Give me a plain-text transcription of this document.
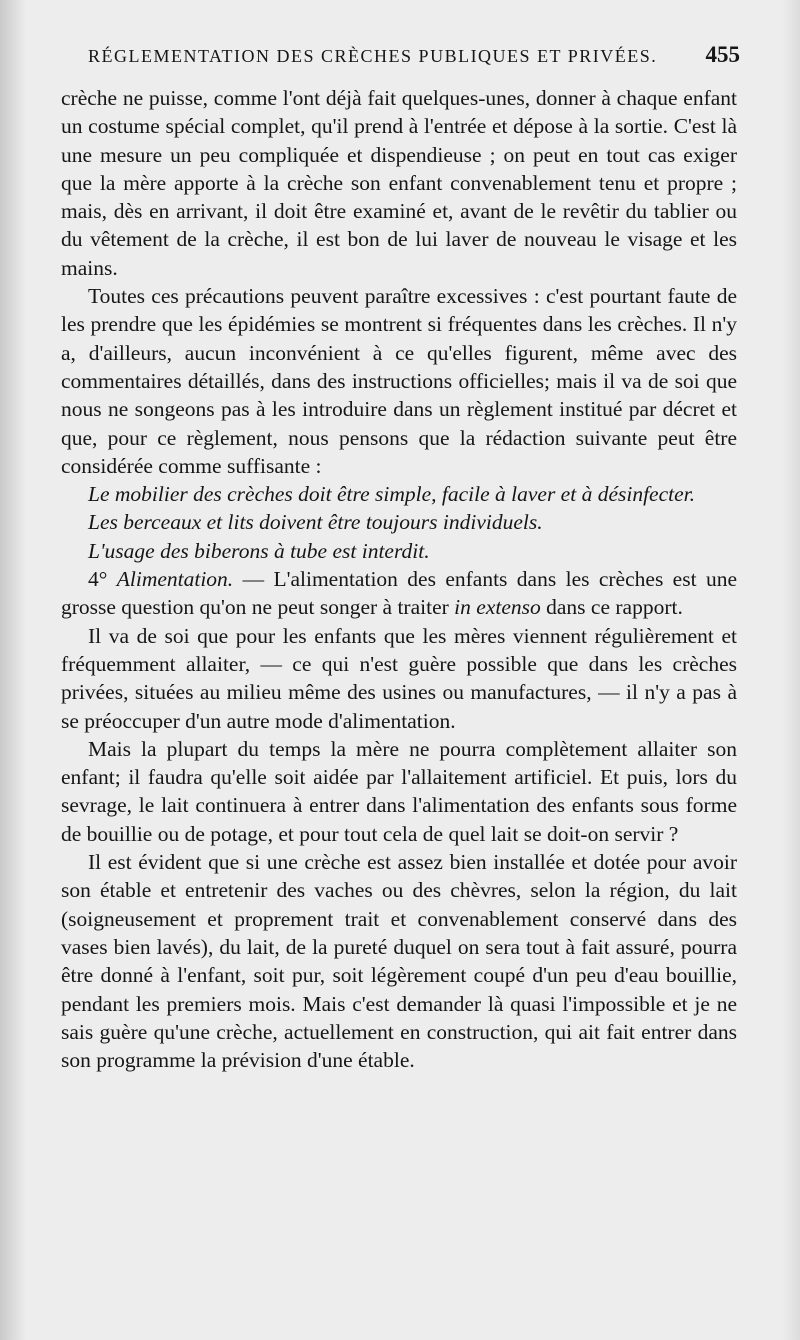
RÉGLEMENTATION DES CRÈCHES PUBLIQUES ET PRIVÉES. 455

crèche ne puisse, comme l'ont déjà fait quelques-unes, donner à chaque enfant un costume spécial complet, qu'il prend à l'entrée et dépose à la sortie. C'est là une mesure un peu compliquée et dispendieuse ; on peut en tout cas exiger que la mère apporte à la crèche son enfant convenablement tenu et propre ; mais, dès en arrivant, il doit être examiné et, avant de le revêtir du tablier ou du vêtement de la crèche, il est bon de lui laver de nouveau le visage et les mains.

Toutes ces précautions peuvent paraître excessives : c'est pourtant faute de les prendre que les épidémies se montrent si fréquentes dans les crèches. Il n'y a, d'ailleurs, aucun inconvénient à ce qu'elles figurent, même avec des commentaires détaillés, dans des instructions officielles; mais il va de soi que nous ne songeons pas à les introduire dans un règlement institué par décret et que, pour ce règlement, nous pensons que la rédaction suivante peut être considérée comme suffisante :

Le mobilier des crèches doit être simple, facile à laver et à désinfecter.

Les berceaux et lits doivent être toujours individuels.

L'usage des biberons à tube est interdit.

4° Alimentation. — L'alimentation des enfants dans les crèches est une grosse question qu'on ne peut songer à traiter in extenso dans ce rapport.

Il va de soi que pour les enfants que les mères viennent régulièrement et fréquemment allaiter, — ce qui n'est guère possible que dans les crèches privées, situées au milieu même des usines ou manufactures, — il n'y a pas à se préoccuper d'un autre mode d'alimentation.

Mais la plupart du temps la mère ne pourra complètement allaiter son enfant; il faudra qu'elle soit aidée par l'allaitement artificiel. Et puis, lors du sevrage, le lait continuera à entrer dans l'alimentation des enfants sous forme de bouillie ou de potage, et pour tout cela de quel lait se doit-on servir ?

Il est évident que si une crèche est assez bien installée et dotée pour avoir son étable et entretenir des vaches ou des chèvres, selon la région, du lait (soigneusement et proprement trait et convenablement conservé dans des vases bien lavés), du lait, de la pureté duquel on sera tout à fait assuré, pourra être donné à l'enfant, soit pur, soit légèrement coupé d'un peu d'eau bouillie, pendant les premiers mois. Mais c'est demander là quasi l'impossible et je ne sais guère qu'une crèche, actuellement en construction, qui ait fait entrer dans son programme la prévision d'une étable.
